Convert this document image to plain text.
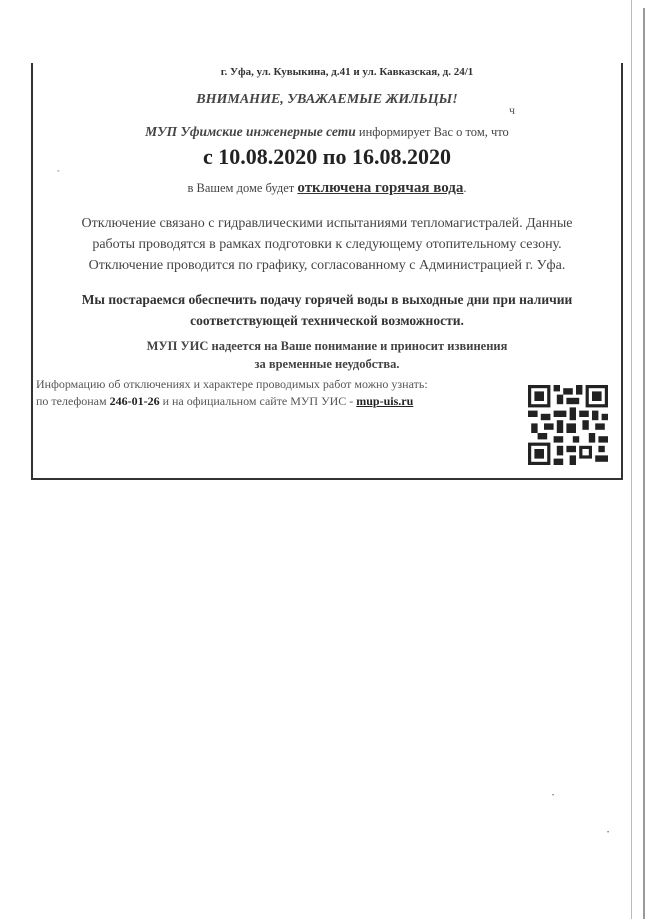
г. Уфа, ул. Кувыкина, д.41 и ул. Кавказская, д. 24/1
ВНИМАНИЕ, УВАЖАЕМЫЕ ЖИЛЬЦЫ!
МУП Уфимские инженерные сети информирует Вас о том, что
с 10.08.2020 по 16.08.2020
в Вашем доме будет отключена горячая вода.
Отключение связано с гидравлическими испытаниями тепломагистралей. Данные
работы проводятся в рамках подготовки к следующему отопительному сезону.
Отключение проводится по графику, согласованному с Администрацией г. Уфа.
Мы постараемся обеспечить подачу горячей воды в выходные дни при наличии
соответствующей технической возможности.
МУП УИС надеется на Ваше понимание и приносит извинения
за временные неудобства.
Информацию об отключениях и характере проводимых работ можно узнать:
по телефонам 246-01-26 и на официальном сайте МУП УИС - mup-uis.ru
ч
◦
•
•
